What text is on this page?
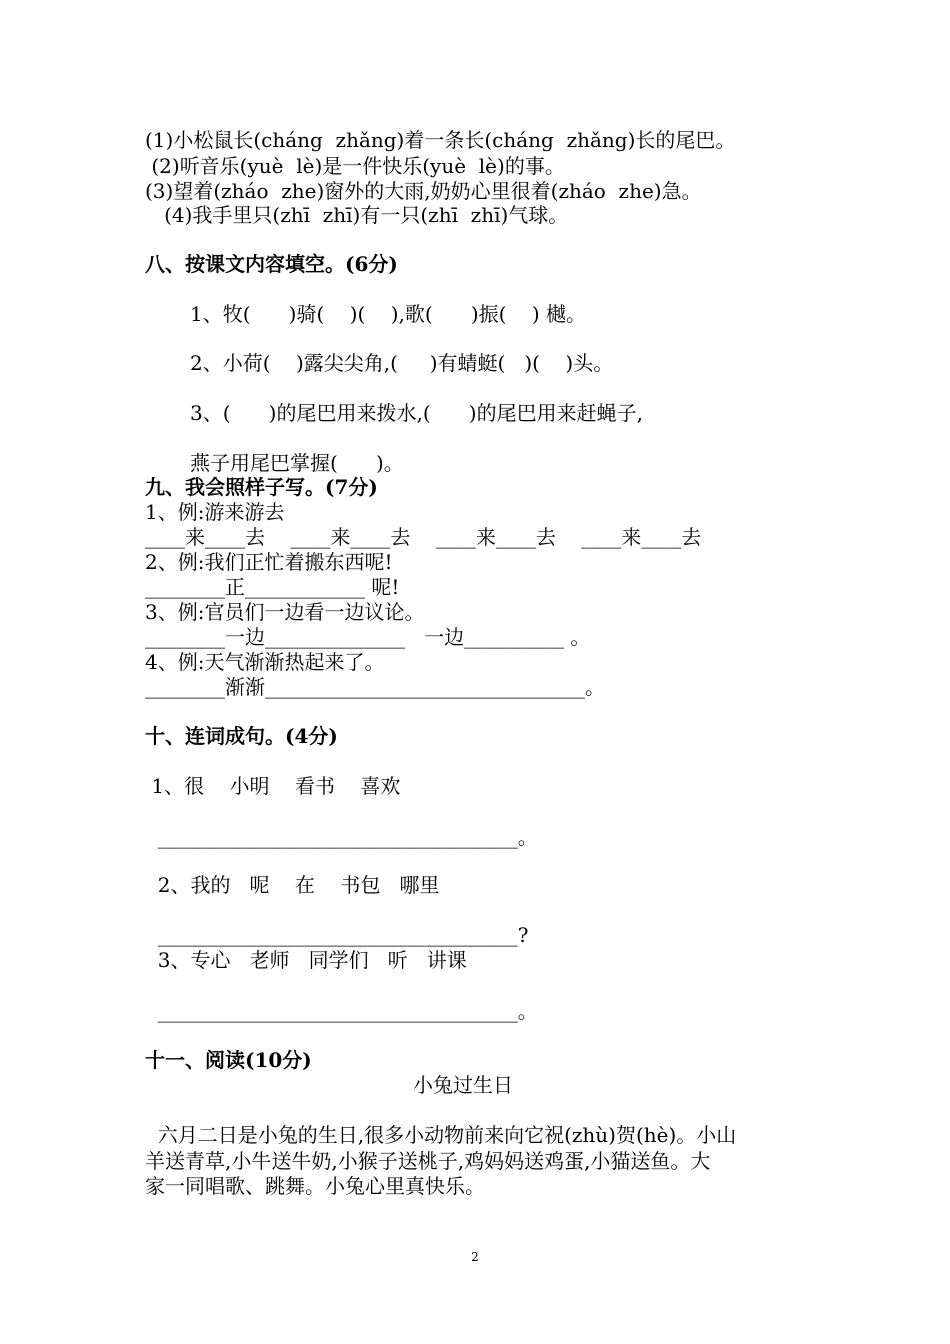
(1)小松鼠长(cháng  zhǎng)着一条长(cháng  zhǎng)长的尾巴。
(2)听音乐(yuè  lè)是一件快乐(yuè  lè)的事。
(3)望着(zháo  zhe)窗外的大雨,奶奶心里很着(zháo  zhe)急。
(4)我手里只(zhī  zhī)有一只(zhī  zhī)气球。
八、按课文内容填空。(6分)
1、牧(      )骑(    )(    ),歌(      )振(    ) 樾。
2、小荷(    )露尖尖角,(     )有蜻蜓(   )(    )头。
3、(      )的尾巴用来拨水,(      )的尾巴用来赶蝇子,
燕子用尾巴掌握(      )。
九、我会照样子写。(7分)
1、例:游来游去
____来____去    ____来____去    ____来____去    ____来____去
2、例:我们正忙着搬东西呢!
________正____________ 呢!
3、例:官员们一边看一边议论。
________一边______________   一边__________ 。
4、例:天气渐渐热起来了。
________渐渐________________________________。
十、连词成句。(4分)
1、很    小明    看书    喜欢
____________________________________。
2、我的   呢    在    书包   哪里
____________________________________?
3、专心   老师   同学们   听   讲课
____________________________________。
十一、阅读(10分)
小兔过生日
六月二日是小兔的生日,很多小动物前来向它祝(zhù)贺(hè)。小山
羊送青草,小牛送牛奶,小猴子送桃子,鸡妈妈送鸡蛋,小猫送鱼。大
家一同唱歌、跳舞。小兔心里真快乐。
2
